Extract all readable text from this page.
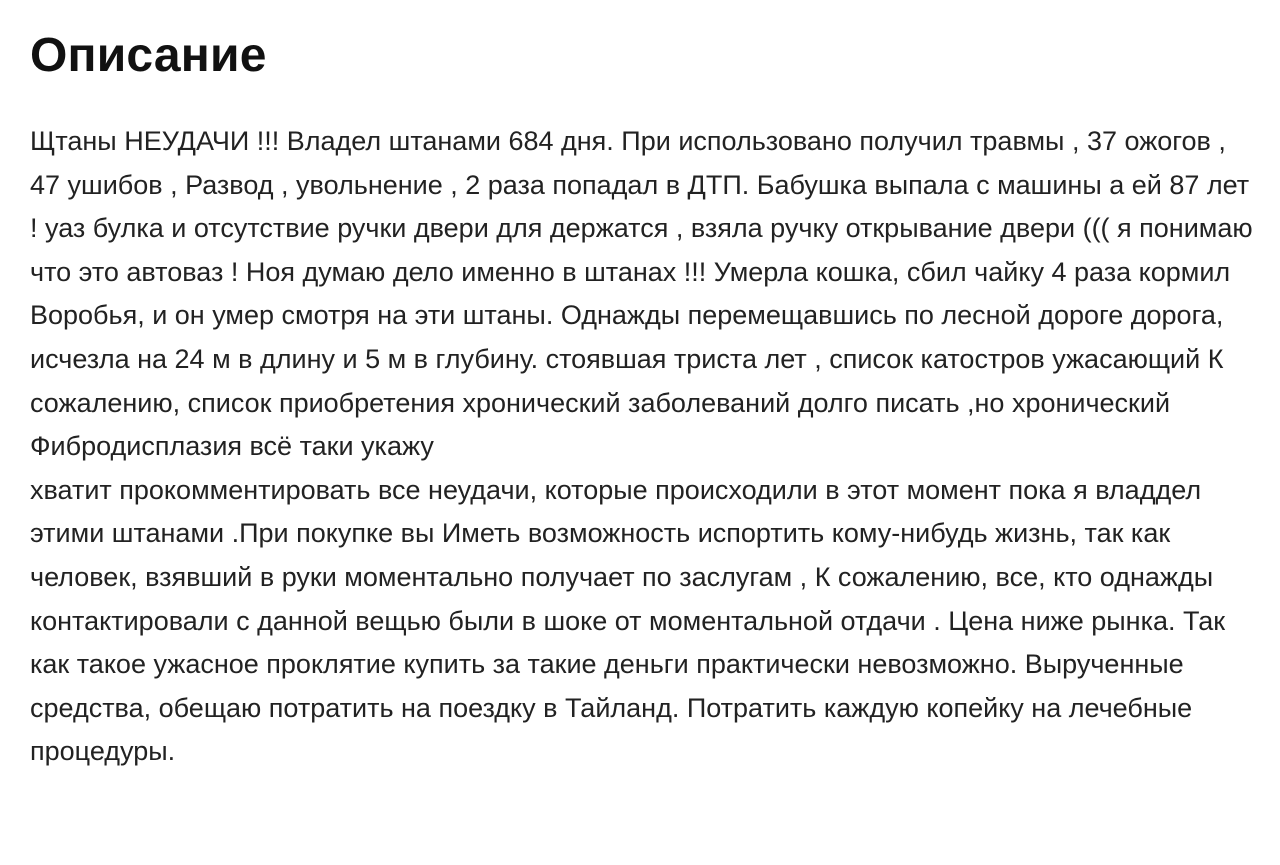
Описание

Щтаны НЕУДАЧИ !!! Владел штанами 684 дня. При использовано получил травмы , 37 ожогов , 47 ушибов , Развод , увольнение , 2 раза попадал в ДТП. Бабушка выпала с машины а ей 87 лет ! уаз булка и отсутствие ручки двери для держатся , взяла ручку открывание двери ((( я понимаю что это автоваз ! Ноя думаю дело именно в штанах !!! Умерла кошка, сбил чайку 4 раза кормил Воробья, и он умер смотря на эти штаны. Однажды перемещавшись по лесной дороге дорога, исчезла на 24 м в длину и 5 м в глубину. стоявшая триста лет , список катостров ужасающий К сожалению, список приобретения хронический заболеваний долго писать ,но хронический Фибродисплазия всё таки укажу

хватит прокомментировать все неудачи, которые происходили в этот момент пока я владдел этими штанами .При покупке вы Иметь возможность испортить кому-нибудь жизнь, так как человек, взявший в руки моментально получает по заслугам , К сожалению, все, кто однажды контактировали с данной вещью были в шоке от моментальной отдачи . Цена ниже рынка. Так как такое ужасное проклятие купить за такие деньги практически невозможно. Вырученные средства, обещаю потратить на поездку в Тайланд. Потратить каждую копейку на лечебные процедуры.
